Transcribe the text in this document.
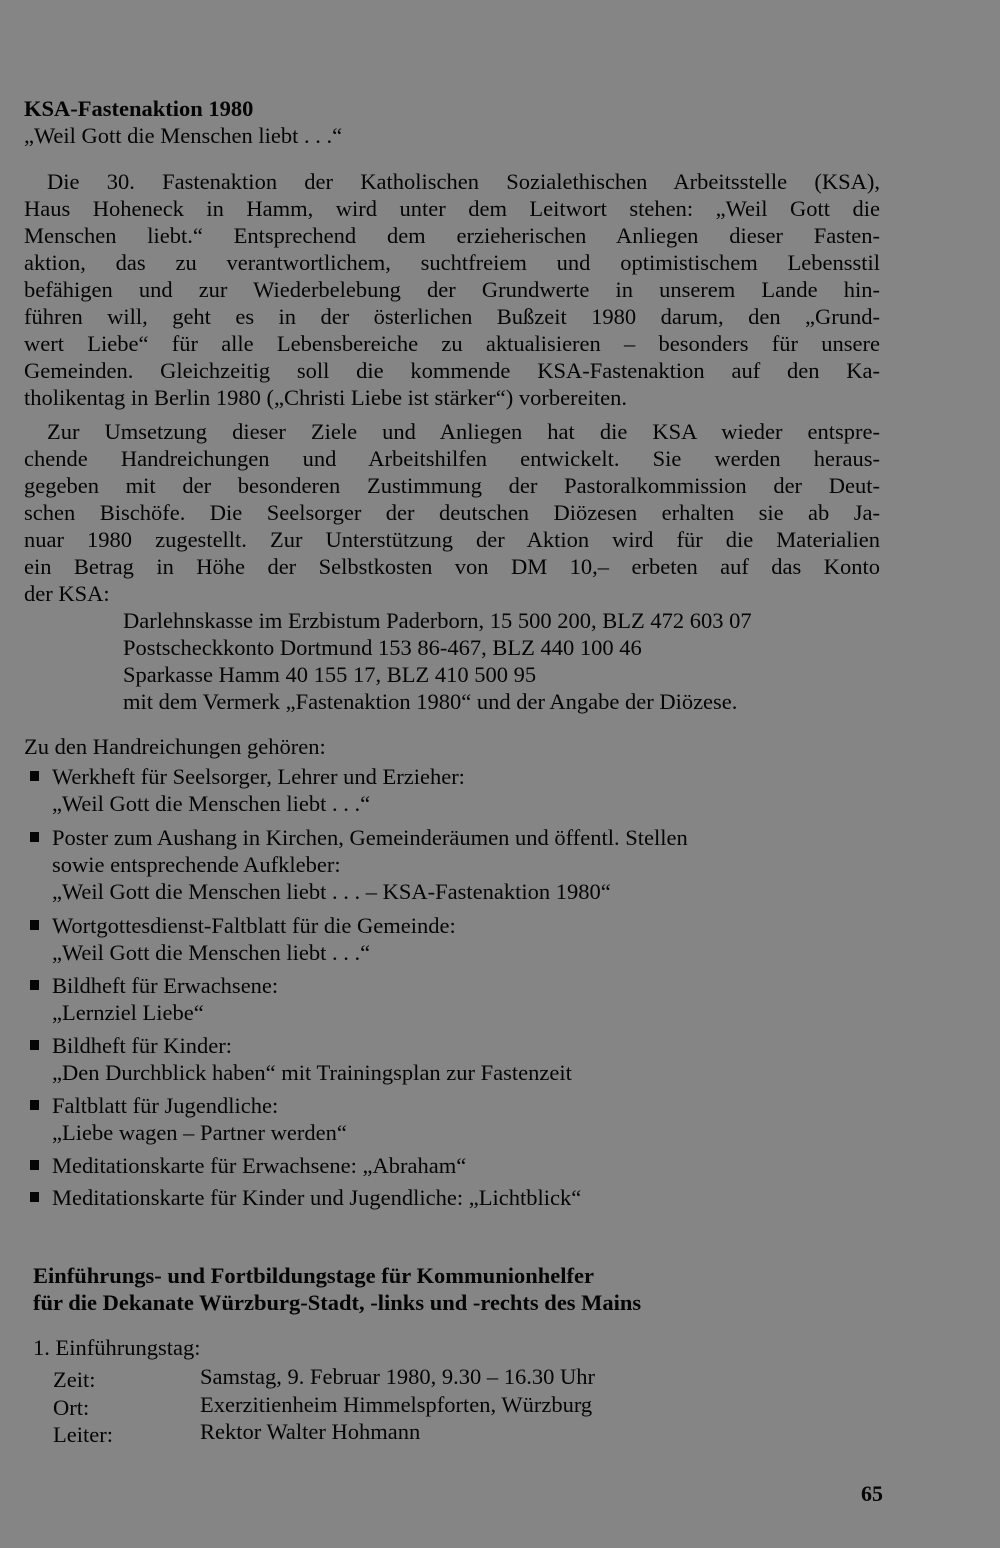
KSA-Fastenaktion 1980
„Weil Gott die Menschen liebt . . .“
Die 30. Fastenaktion der Katholischen Sozialethischen Arbeitsstelle (KSA),
Haus Hoheneck in Hamm, wird unter dem Leitwort stehen: „Weil Gott die
Menschen liebt.“ Entsprechend dem erzieherischen Anliegen dieser Fasten-
aktion, das zu verantwortlichem, suchtfreiem und optimistischem Lebensstil
befähigen und zur Wiederbelebung der Grundwerte in unserem Lande hin-
führen will, geht es in der österlichen Bußzeit 1980 darum, den „Grund-
wert Liebe“ für alle Lebensbereiche zu aktualisieren – besonders für unsere
Gemeinden. Gleichzeitig soll die kommende KSA-Fastenaktion auf den Ka-
tholikentag in Berlin 1980 („Christi Liebe ist stärker“) vorbereiten.
Zur Umsetzung dieser Ziele und Anliegen hat die KSA wieder entspre-
chende Handreichungen und Arbeitshilfen entwickelt. Sie werden heraus-
gegeben mit der besonderen Zustimmung der Pastoralkommission der Deut-
schen Bischöfe. Die Seelsorger der deutschen Diözesen erhalten sie ab Ja-
nuar 1980 zugestellt. Zur Unterstützung der Aktion wird für die Materialien
ein Betrag in Höhe der Selbstkosten von DM 10,– erbeten auf das Konto
der KSA:
Darlehnskasse im Erzbistum Paderborn, 15 500 200, BLZ 472 603 07
Postscheckkonto Dortmund 153 86-467, BLZ 440 100 46
Sparkasse Hamm 40 155 17, BLZ 410 500 95
mit dem Vermerk „Fastenaktion 1980“ und der Angabe der Diözese.
Zu den Handreichungen gehören:
Werkheft für Seelsorger, Lehrer und Erzieher:
„Weil Gott die Menschen liebt . . .“
Poster zum Aushang in Kirchen, Gemeinderäumen und öffentl. Stellen
sowie entsprechende Aufkleber:
„Weil Gott die Menschen liebt . . . – KSA-Fastenaktion 1980“
Wortgottesdienst-Faltblatt für die Gemeinde:
„Weil Gott die Menschen liebt . . .“
Bildheft für Erwachsene:
„Lernziel Liebe“
Bildheft für Kinder:
„Den Durchblick haben“ mit Trainingsplan zur Fastenzeit
Faltblatt für Jugendliche:
„Liebe wagen – Partner werden“
Meditationskarte für Erwachsene: „Abraham“
Meditationskarte für Kinder und Jugendliche: „Lichtblick“
Einführungs- und Fortbildungstage für Kommunionhelfer
für die Dekanate Würzburg-Stadt, -links und -rechts des Mains
1. Einführungstag:
Zeit:	Samstag, 9. Februar 1980, 9.30 – 16.30 Uhr
Ort:	Exerzitienheim Himmelspforten, Würzburg
Leiter:	Rektor Walter Hohmann
65
